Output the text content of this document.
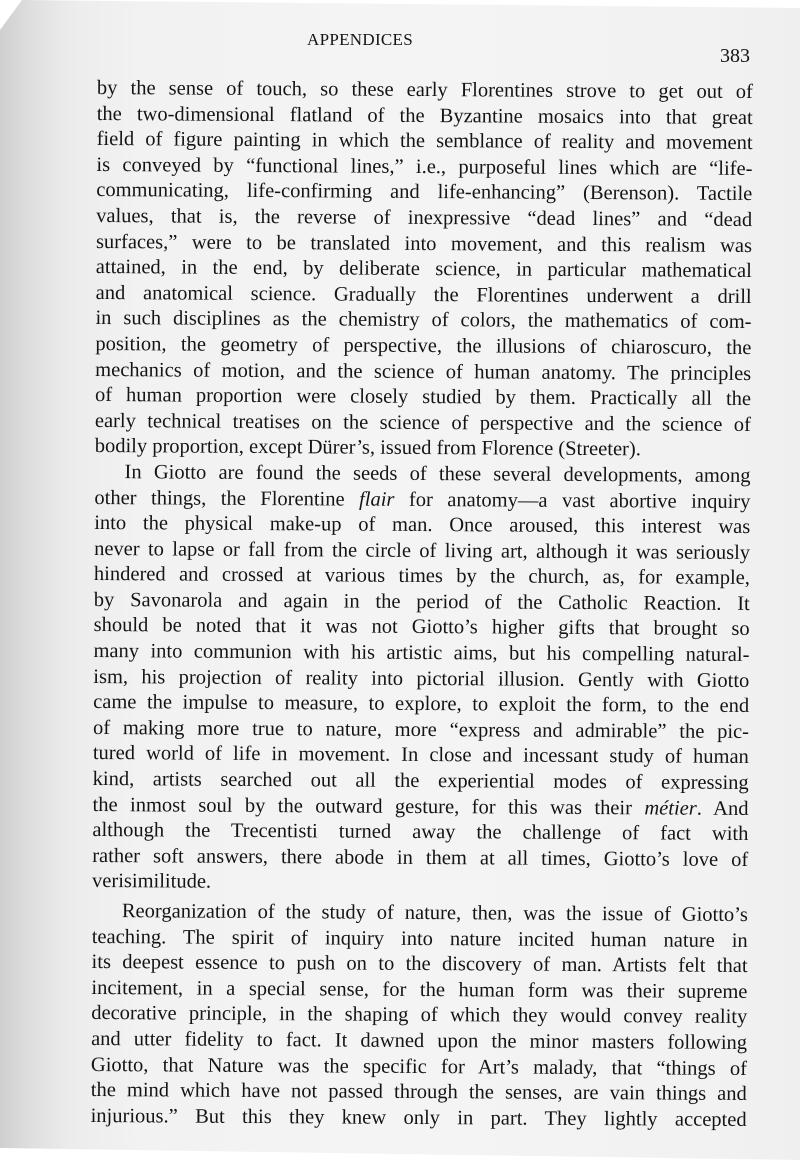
APPENDICES
383
by the sense of touch, so these early Florentines strove to get out of
the two-dimensional flatland of the Byzantine mosaics into that great
field of figure painting in which the semblance of reality and movement
is conveyed by “functional lines,” i.e., purposeful lines which are “life-
communicating, life-confirming and life-enhancing” (Berenson). Tactile
values, that is, the reverse of inexpressive “dead lines” and “dead
surfaces,” were to be translated into movement, and this realism was
attained, in the end, by deliberate science, in particular mathematical
and anatomical science. Gradually the Florentines underwent a drill
in such disciplines as the chemistry of colors, the mathematics of com-
position, the geometry of perspective, the illusions of chiaroscuro, the
mechanics of motion, and the science of human anatomy. The principles
of human proportion were closely studied by them. Practically all the
early technical treatises on the science of perspective and the science of
bodily proportion, except Dürer’s, issued from Florence (Streeter).
In Giotto are found the seeds of these several developments, among
other things, the Florentine flair for anatomy—a vast abortive inquiry
into the physical make-up of man. Once aroused, this interest was
never to lapse or fall from the circle of living art, although it was seriously
hindered and crossed at various times by the church, as, for example,
by Savonarola and again in the period of the Catholic Reaction. It
should be noted that it was not Giotto’s higher gifts that brought so
many into communion with his artistic aims, but his compelling natural-
ism, his projection of reality into pictorial illusion. Gently with Giotto
came the impulse to measure, to explore, to exploit the form, to the end
of making more true to nature, more “express and admirable” the pic-
tured world of life in movement. In close and incessant study of human
kind, artists searched out all the experiential modes of expressing
the inmost soul by the outward gesture, for this was their métier. And
although the Trecentisti turned away the challenge of fact with
rather soft answers, there abode in them at all times, Giotto’s love of
verisimilitude.
Reorganization of the study of nature, then, was the issue of Giotto’s
teaching. The spirit of inquiry into nature incited human nature in
its deepest essence to push on to the discovery of man. Artists felt that
incitement, in a special sense, for the human form was their supreme
decorative principle, in the shaping of which they would convey reality
and utter fidelity to fact. It dawned upon the minor masters following
Giotto, that Nature was the specific for Art’s malady, that “things of
the mind which have not passed through the senses, are vain things and
injurious.” But this they knew only in part. They lightly accepted
